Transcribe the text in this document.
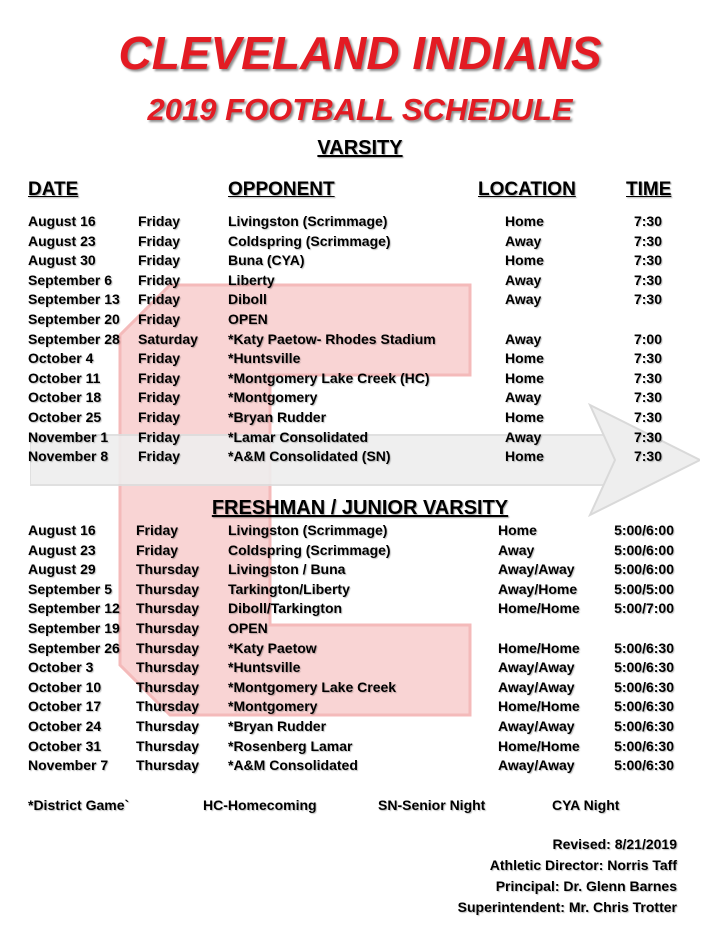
CLEVELAND INDIANS
2019 FOOTBALL SCHEDULE
VARSITY
DATE	OPPONENT	LOCATION	TIME
August 16	Friday	Livingston (Scrimmage)	Home	7:30
August 23	Friday	Coldspring (Scrimmage)	Away	7:30
August 30	Friday	Buna (CYA)	Home	7:30
September 6 Friday	Liberty	Away	7:30
September 13 Friday	Diboll	Away	7:30
September 20 Friday	OPEN
September 28 Saturday *Katy Paetow- Rhodes Stadium	Away	7:00
October 4	Friday	*Huntsville	Home	7:30
October 11	Friday	*Montgomery Lake Creek (HC)	Home	7:30
October 18	Friday	*Montgomery	Away	7:30
October 25	Friday	*Bryan Rudder	Home	7:30
November 1 Friday	*Lamar Consolidated	Away	7:30
November 8 Friday	*A&M Consolidated (SN)	Home	7:30
FRESHMAN / JUNIOR VARSITY
August 16	Friday	Livingston (Scrimmage)	Home	5:00/6:00
August 23	Friday	Coldspring (Scrimmage)	Away	5:00/6:00
August 29	Thursday Livingston / Buna	Away/Away	5:00/6:00
September 5 Thursday Tarkington/Liberty	Away/Home	5:00/5:00
September 12 Thursday Diboll/Tarkington	Home/Home 5:00/7:00
September 19 Thursday OPEN
September 26 Thursday *Katy Paetow	Home/Home 5:00/6:30
October 3	Thursday *Huntsville	Away/Away	5:00/6:30
October 10 Thursday *Montgomery Lake Creek	Away/Away	5:00/6:30
October 17 Thursday *Montgomery	Home/Home 5:00/6:30
October 24 Thursday *Bryan Rudder	Away/Away	5:00/6:30
October 31 Thursday *Rosenberg Lamar	Home/Home 5:00/6:30
November 7 Thursday *A&M Consolidated	Away/Away	5:00/6:30
*District Game`	HC-Homecoming	SN-Senior Night	CYA Night
Revised: 8/21/2019
Athletic Director: Norris Taff
Principal: Dr. Glenn Barnes
Superintendent: Mr. Chris Trotter
